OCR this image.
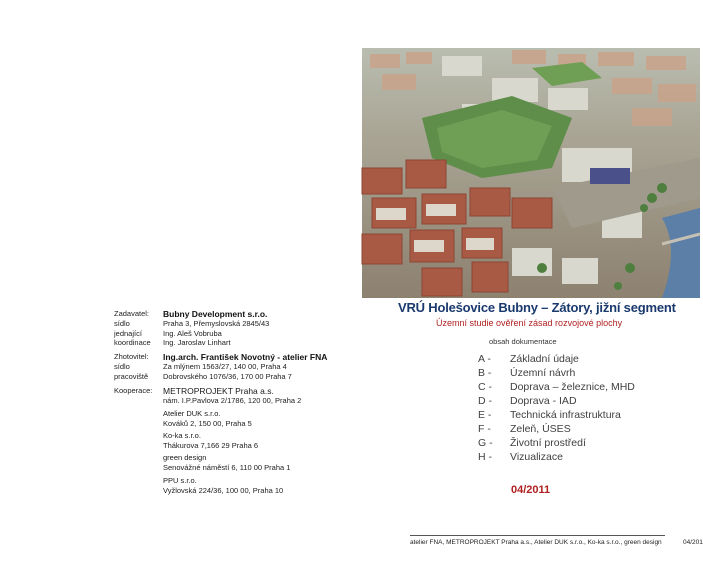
Zadavatel:	Bubny Development s.r.o.
sídlo	Praha 3, Přemyslovská 2845/43
jednající	Ing. Aleš Vobruba
koordinace	Ing. Jaroslav Linhart
Zhotovitel:	Ing.arch. František Novotný - atelier FNA
sídlo	Za mlýnem 1563/27, 140 00, Praha 4
pracoviště	Dobrovského 1076/36, 170 00 Praha 7
Kooperace:	METROPROJEKT Praha a.s.
nám. I.P.Pavlova 2/1786, 120 00, Praha 2
Atelier DUK s.r.o.
Kováků 2, 150 00, Praha 5
Ko-ka s.r.o.
Thákurova 7,166 29 Praha 6
green design
Senovážné náměstí 6, 110 00 Praha 1
PPU s.r.o.
Vyžlovská 224/36, 100 00, Praha 10
VRÚ Holešovice Bubny – Zátory, jižní segment
Územní studie ověření zásad rozvojové plochy
obsah dokumentace
A -	Základní údaje
B -	Územní návrh
C -	Doprava – železnice, MHD
D -	Doprava - IAD
E -	Technická infrastruktura
F -	Zeleň, ÚSES
G -	Životní prostředí
H -	Vizualizace
04/2011
atelier FNA, METROPROJEKT Praha a.s., Atelier DUK s.r.o., Ko-ka s.r.o., green design	04/201
